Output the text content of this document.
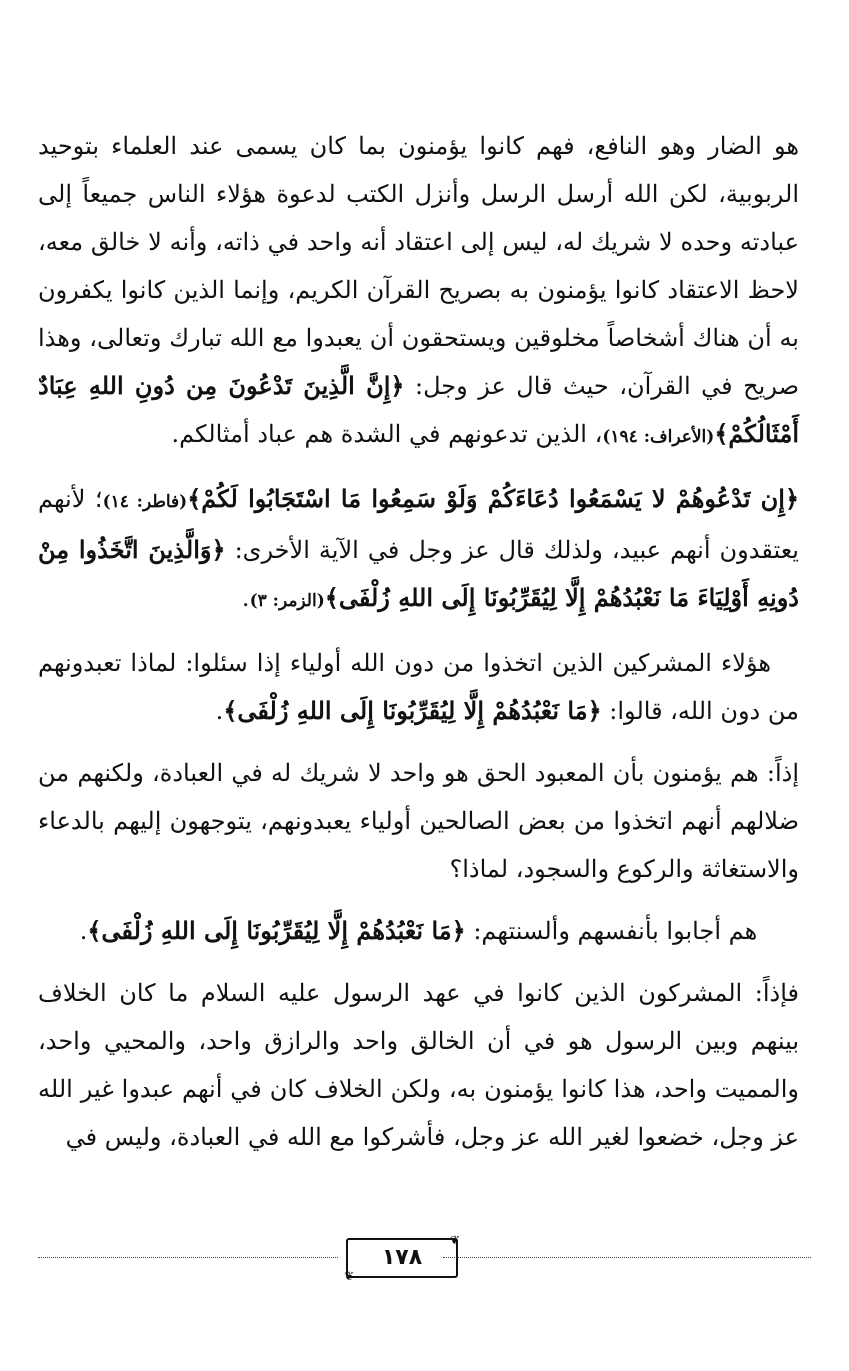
هو الضار وهو النافع، فهم كانوا يؤمنون بما كان يسمى عند العلماء بتوحيد الربوبية، لكن الله أرسل الرسل وأنزل الكتب لدعوة هؤلاء الناس جميعاً إلى عبادته وحده لا شريك له، ليس إلى اعتقاد أنه واحد في ذاته، وأنه لا خالق معه، لاحظ الاعتقاد كانوا يؤمنون به بصريح القرآن الكريم، وإنما الذين كانوا يكفرون به أن هناك أشخاصاً مخلوقين ويستحقون أن يعبدوا مع الله تبارك وتعالى، وهذا صريح في القرآن، حيث قال عز وجل: ﴿إِنَّ الَّذِينَ تَدْعُونَ مِن دُونِ اللهِ عِبَادٌ أَمْثَالُكُمْ﴾(الأعراف: ١٩٤)، الذين تدعونهم في الشدة هم عباد أمثالكم.

﴿إِن تَدْعُوهُمْ لا يَسْمَعُوا دُعَاءَكُمْ وَلَوْ سَمِعُوا مَا اسْتَجَابُوا لَكُمْ﴾(فاطر: ١٤)؛ لأنهم يعتقدون أنهم عبيد، ولذلك قال عز وجل في الآية الأخرى: ﴿وَالَّذِينَ اتَّخَذُوا مِنْ دُونِهِ أَوْلِيَاءَ مَا نَعْبُدُهُمْ إِلَّا لِيُقَرِّبُونَا إِلَى اللهِ زُلْفَى﴾(الزمر: ٣).

هؤلاء المشركين الذين اتخذوا من دون الله أولياء إذا سئلوا: لماذا تعبدونهم من دون الله، قالوا: ﴿مَا نَعْبُدُهُمْ إِلَّا لِيُقَرِّبُونَا إِلَى اللهِ زُلْفَى﴾.

إذاً: هم يؤمنون بأن المعبود الحق هو واحد لا شريك له في العبادة، ولكنهم من ضلالهم أنهم اتخذوا من بعض الصالحين أولياء يعبدونهم، يتوجهون إليهم بالدعاء والاستغاثة والركوع والسجود، لماذا؟

هم أجابوا بأنفسهم وألسنتهم: ﴿مَا نَعْبُدُهُمْ إِلَّا لِيُقَرِّبُونَا إِلَى اللهِ زُلْفَى﴾.

فإذاً: المشركون الذين كانوا في عهد الرسول عليه السلام ما كان الخلاف بينهم وبين الرسول هو في أن الخالق واحد والرازق واحد، والمحيي واحد، والمميت واحد، هذا كانوا يؤمنون به، ولكن الخلاف كان في أنهم عبدوا غير الله عز وجل، خضعوا لغير الله عز وجل، فأشركوا مع الله في العبادة، وليس في

❦
١٧٨
❦
